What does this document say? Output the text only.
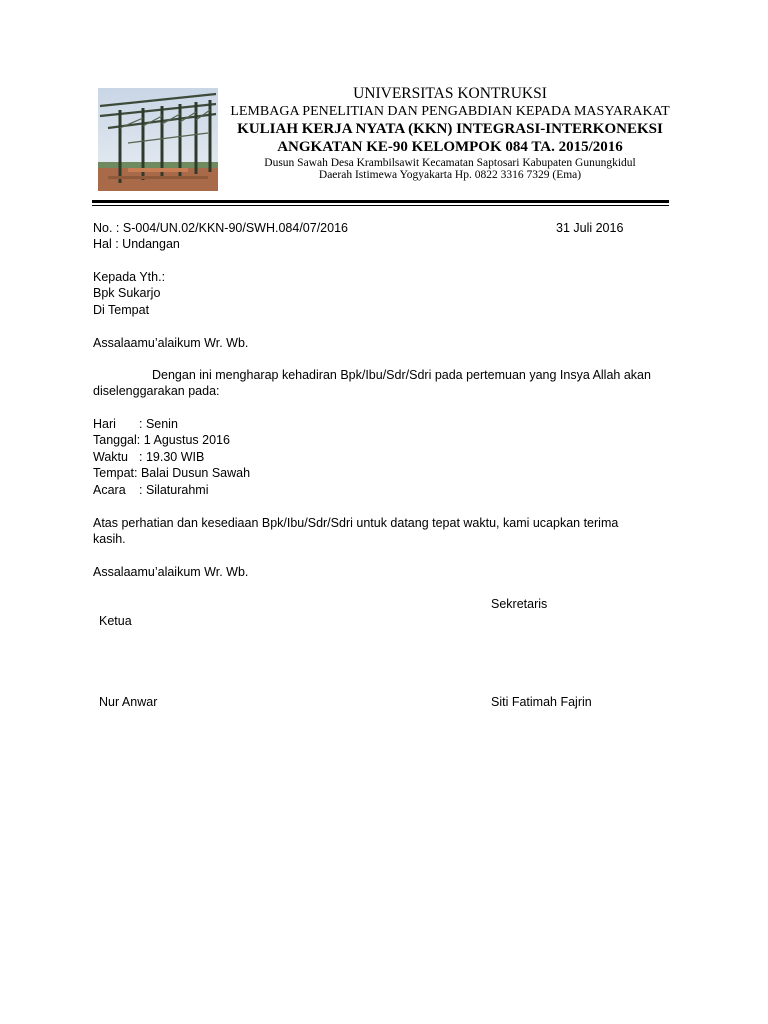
UNIVERSITAS KONTRUKSI
LEMBAGA PENELITIAN DAN PENGABDIAN KEPADA MASYARAKAT
KULIAH KERJA NYATA (KKN) INTEGRASI-INTERKONEKSI
ANGKATAN KE-90 KELOMPOK 084 TA. 2015/2016
Dusun Sawah Desa Krambilsawit Kecamatan Saptosari Kabupaten Gunungkidul
Daerah Istimewa Yogyakarta Hp. 0822 3316 7329 (Ema)
No. : S-004/UN.02/KKN-90/SWH.084/07/2016	31 Juli 2016
Hal : Undangan
Kepada Yth.:
Bpk Sukarjo
Di Tempat
Assalaamu’alaikum Wr. Wb.
Dengan ini mengharap kehadiran Bpk/Ibu/Sdr/Sdri pada pertemuan yang Insya Allah akan
diselenggarakan pada:
Hari : Senin
Tanggal: 1 Agustus 2016
Waktu : 19.30 WIB
Tempat: Balai Dusun Sawah
Acara : Silaturahmi
Atas perhatian dan kesediaan Bpk/Ibu/Sdr/Sdri untuk datang tepat waktu, kami ucapkan terima
kasih.
Assalaamu’alaikum Wr. Wb.
Sekretaris
Ketua
Nur Anwar	Siti Fatimah Fajrin
